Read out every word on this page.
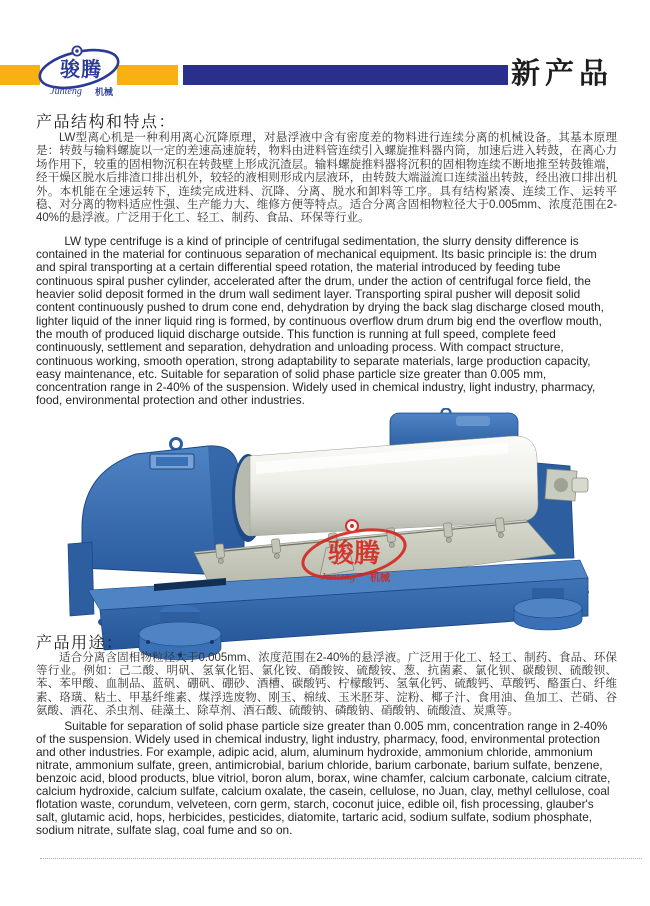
骏腾
Junteng 机械
新产品
产品结构和特点：

LW型离心机是一种利用离心沉降原理，对悬浮液中含有密度差的物料进行连续分离的机械设备。其基本原理是：转鼓与输料螺旋以一定的差速高速旋转，物料由进料管连续引入螺旋推料器内筒，加速后进入转鼓，在离心力场作用下，较重的固相物沉积在转鼓壁上形成沉渣层。输料螺旋推料器将沉积的固相物连续不断地推至转鼓锥端，经干燥区脱水后排渣口排出机外，较轻的液相则形成内层液环，由转鼓大端溢流口连续溢出转鼓，经出液口排出机外。本机能在全速运转下，连续完成进料、沉降、分离、脱水和卸料等工序。具有结构紧凑、连续工作、运转平稳、对分离的物料适应性强、生产能力大、维修方便等特点。适合分离含固相物粒径大于0.005mm、浓度范围在2-40%的悬浮液。广泛用于化工、轻工、制药、食品、环保等行业。

LW type centrifuge is a kind of principle of centrifugal sedimentation, the slurry density difference is contained in the material for continuous separation of mechanical equipment. Its basic principle is: the drum and spiral transporting at a certain differential speed rotation, the material introduced by feeding tube continuous spiral pusher cylinder, accelerated after the drum, under the action of centrifugal force field, the heavier solid deposit formed in the drum wall sediment layer. Transporting spiral pusher will deposit solid content continuously pushed to drum cone end, dehydration by drying the back slag discharge closed mouth, lighter liquid of the inner liquid ring is formed, by continuous overflow drum drum big end the overflow mouth, the mouth of produced liquid discharge outside. This function is running at full speed, complete feed continuously, settlement and separation, dehydration and unloading process. With compact structure, continuous working, smooth operation, strong adaptability to separate materials, large production capacity, easy maintenance, etc. Suitable for separation of solid phase particle size greater than 0.005 mm, concentration range in 2-40% of the suspension. Widely used in chemical industry, light industry, pharmacy, food, environmental protection and other industries.

骏腾
Junteng 机械
产品用途：

适合分离含固相物粒径大于0.005mm、浓度范围在2-40%的悬浮液。广泛用于化工、轻工、制药、食品、环保等行业。例如：己二酸、明矾、氢氧化铝、氯化铵、硝酸铵、硫酸铵、葱、抗菌素、氯化钡、碳酸钡、硫酸钡、苯、苯甲酸、血制品、蓝矾、硼矾、硼砂、酒槽、碳酸钙、柠檬酸钙、氢氧化钙、硫酸钙、草酸钙、酪蛋白、纤维素、珞璜、粘土、甲基纤维素、煤浮选废物、刚玉、棉绒、玉米胚芽、淀粉、椰子汁、食用油、鱼加工、芒硝、谷氨酸、酒花、杀虫剂、硅藻土、除草剂、酒石酸、硫酸钠、磷酸钠、硝酸钠、硫酸渣、炭熏等。

Suitable for separation of solid phase particle size greater than 0.005 mm, concentration range in 2-40% of the suspension. Widely used in chemical industry, light industry, pharmacy, food, environmental protection and other industries. For example, adipic acid, alum, aluminum hydroxide, ammonium chloride, ammonium nitrate, ammonium sulfate, green, antimicrobial, barium chloride, barium carbonate, barium sulfate, benzene, benzoic acid, blood products, blue vitriol, boron alum, borax, wine chamfer, calcium carbonate, calcium citrate, calcium hydroxide, calcium sulfate, calcium oxalate, the casein, cellulose, no Juan, clay, methyl cellulose, coal flotation waste, corundum, velveteen, corn germ, starch, coconut juice, edible oil, fish processing, glauber's salt, glutamic acid, hops, herbicides, pesticides, diatomite, tartaric acid, sodium sulfate, sodium phosphate, sodium nitrate, sulfate slag, coal fume and so on.
